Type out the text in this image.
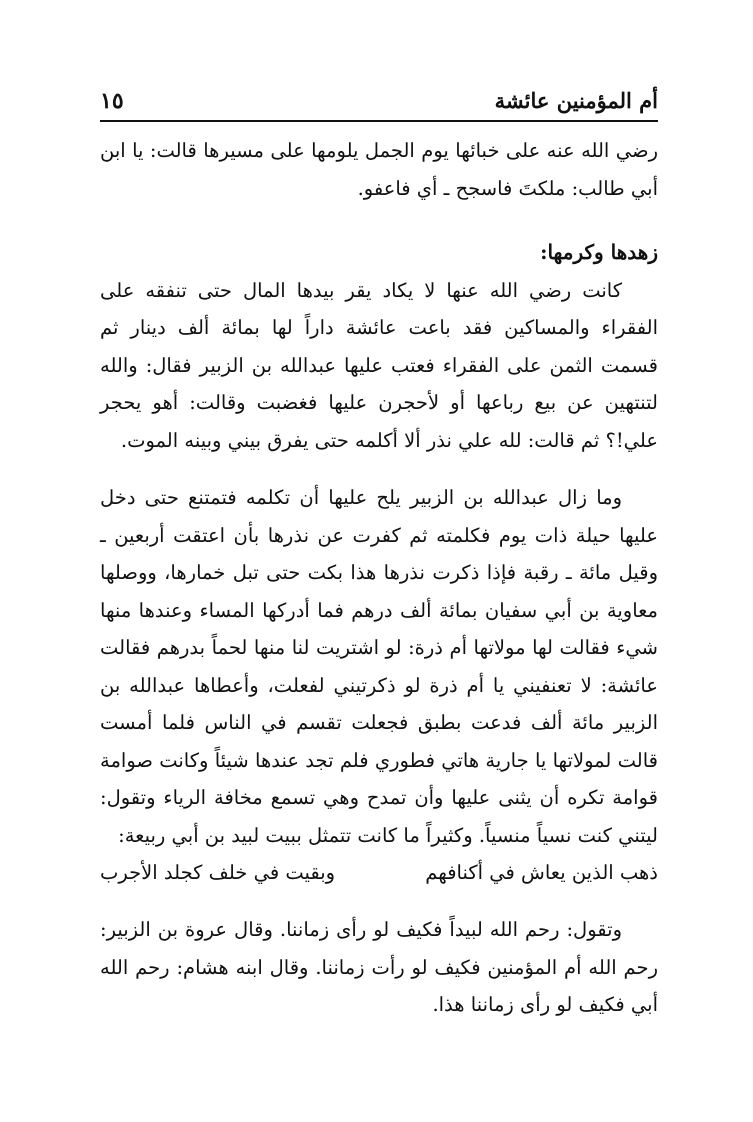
أم المؤمنين عائشة
١٥

رضي الله عنه على خبائها يوم الجمل يلومها على مسيرها قالت: يا ابن أبي طالب: ملكتَ فاسجح ـ أي فاعفو.

زهدها وكرمها:

كانت رضي الله عنها لا يكاد يقر بيدها المال حتى تنفقه على الفقراء والمساكين فقد باعت عائشة داراً لها بمائة ألف دينار ثم قسمت الثمن على الفقراء فعتب عليها عبدالله بن الزبير فقال: والله لتنتهين عن بيع رباعها أو لأحجرن عليها فغضبت وقالت: أهو يحجر علي!؟ ثم قالت: لله علي نذر ألا أكلمه حتى يفرق بيني وبينه الموت.

وما زال عبدالله بن الزبير يلح عليها أن تكلمه فتمتنع حتى دخل عليها حيلة ذات يوم فكلمته ثم كفرت عن نذرها بأن اعتقت أربعين ـ وقيل مائة ـ رقبة فإذا ذكرت نذرها هذا بكت حتى تبل خمارها، ووصلها معاوية بن أبي سفيان بمائة ألف درهم فما أدركها المساء وعندها منها شيء فقالت لها مولاتها أم ذرة: لو اشتريت لنا منها لحماً بدرهم فقالت عائشة: لا تعنفيني يا أم ذرة لو ذكرتيني لفعلت، وأعطاها عبدالله بن الزبير مائة ألف فدعت بطبق فجعلت تقسم في الناس فلما أمست قالت لمولاتها يا جارية هاتي فطوري فلم تجد عندها شيئاً وكانت صوامة قوامة تكره أن يثنى عليها وأن تمدح وهي تسمع مخافة الرياء وتقول: ليتني كنت نسياً منسياً. وكثيراً ما كانت تتمثل ببيت لبيد بن أبي ربيعة:

ذهب الذين يعاش في أكنافهم
وبقيت في خلف كجلد الأجرب

وتقول: رحم الله لبيداً فكيف لو رأى زماننا. وقال عروة بن الزبير: رحم الله أم المؤمنين فكيف لو رأت زماننا. وقال ابنه هشام: رحم الله أبي فكيف لو رأى زماننا هذا.
